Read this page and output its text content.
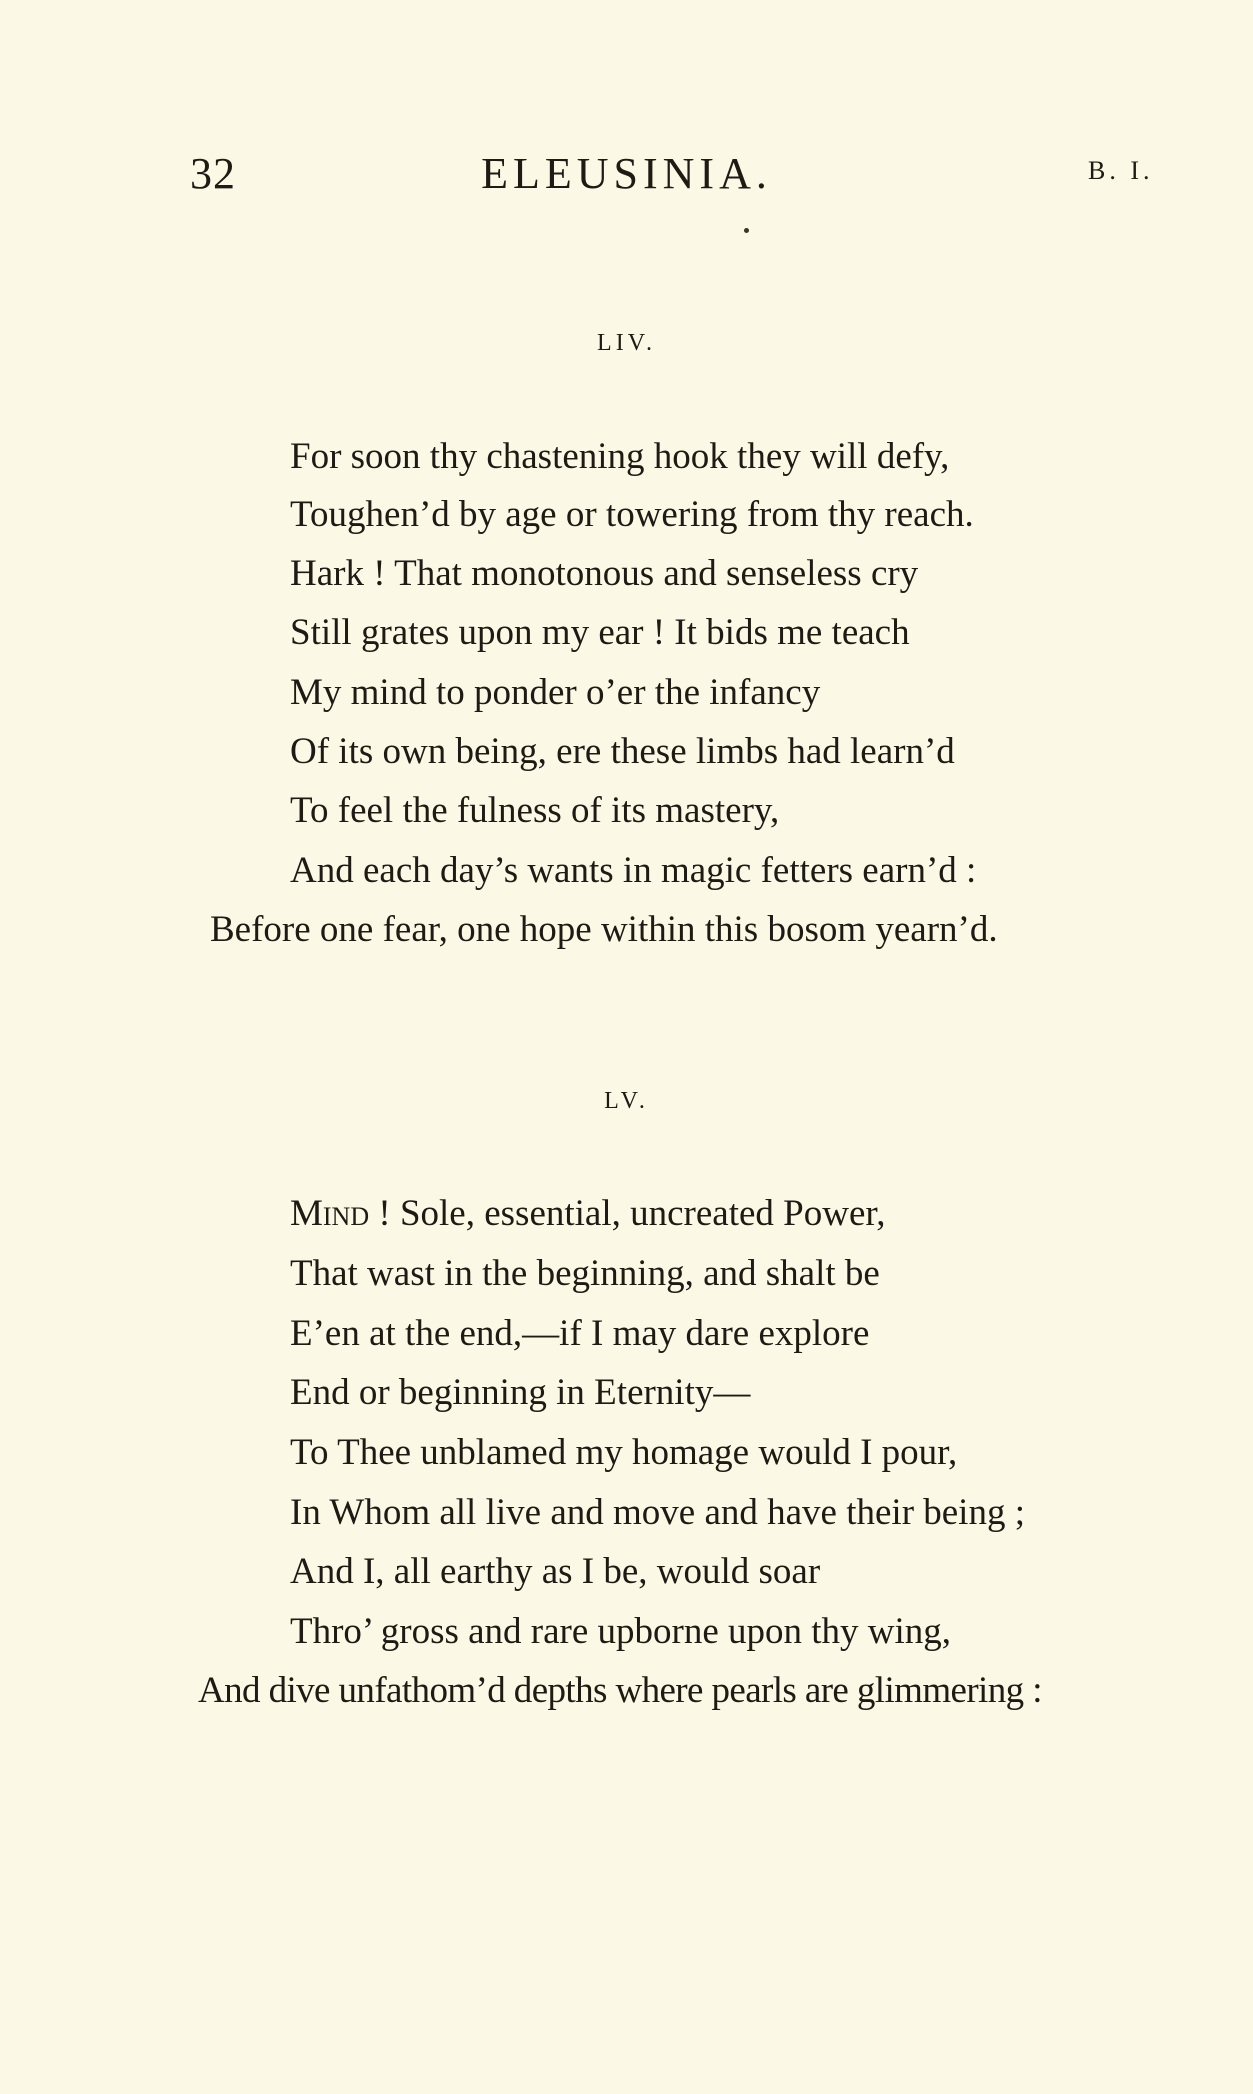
32	ELEUSINIA.	B. I.
LIV.
For soon thy chastening hook they will defy,
Toughen’d by age or towering from thy reach.
Hark ! That monotonous and senseless cry
Still grates upon my ear ! It bids me teach
My mind to ponder o’er the infancy
Of its own being, ere these limbs had learn’d
To feel the fulness of its mastery,
And each day’s wants in magic fetters earn’d :
Before one fear, one hope within this bosom yearn’d.
LV.
Mind ! Sole, essential, uncreated Power,
That wast in the beginning, and shalt be
E’en at the end,—if I may dare explore
End or beginning in Eternity—
To Thee unblamed my homage would I pour,
In Whom all live and move and have their being ;
And I, all earthy as I be, would soar
Thro’ gross and rare upborne upon thy wing,
And dive unfathom’d depths where pearls are glimmering :
